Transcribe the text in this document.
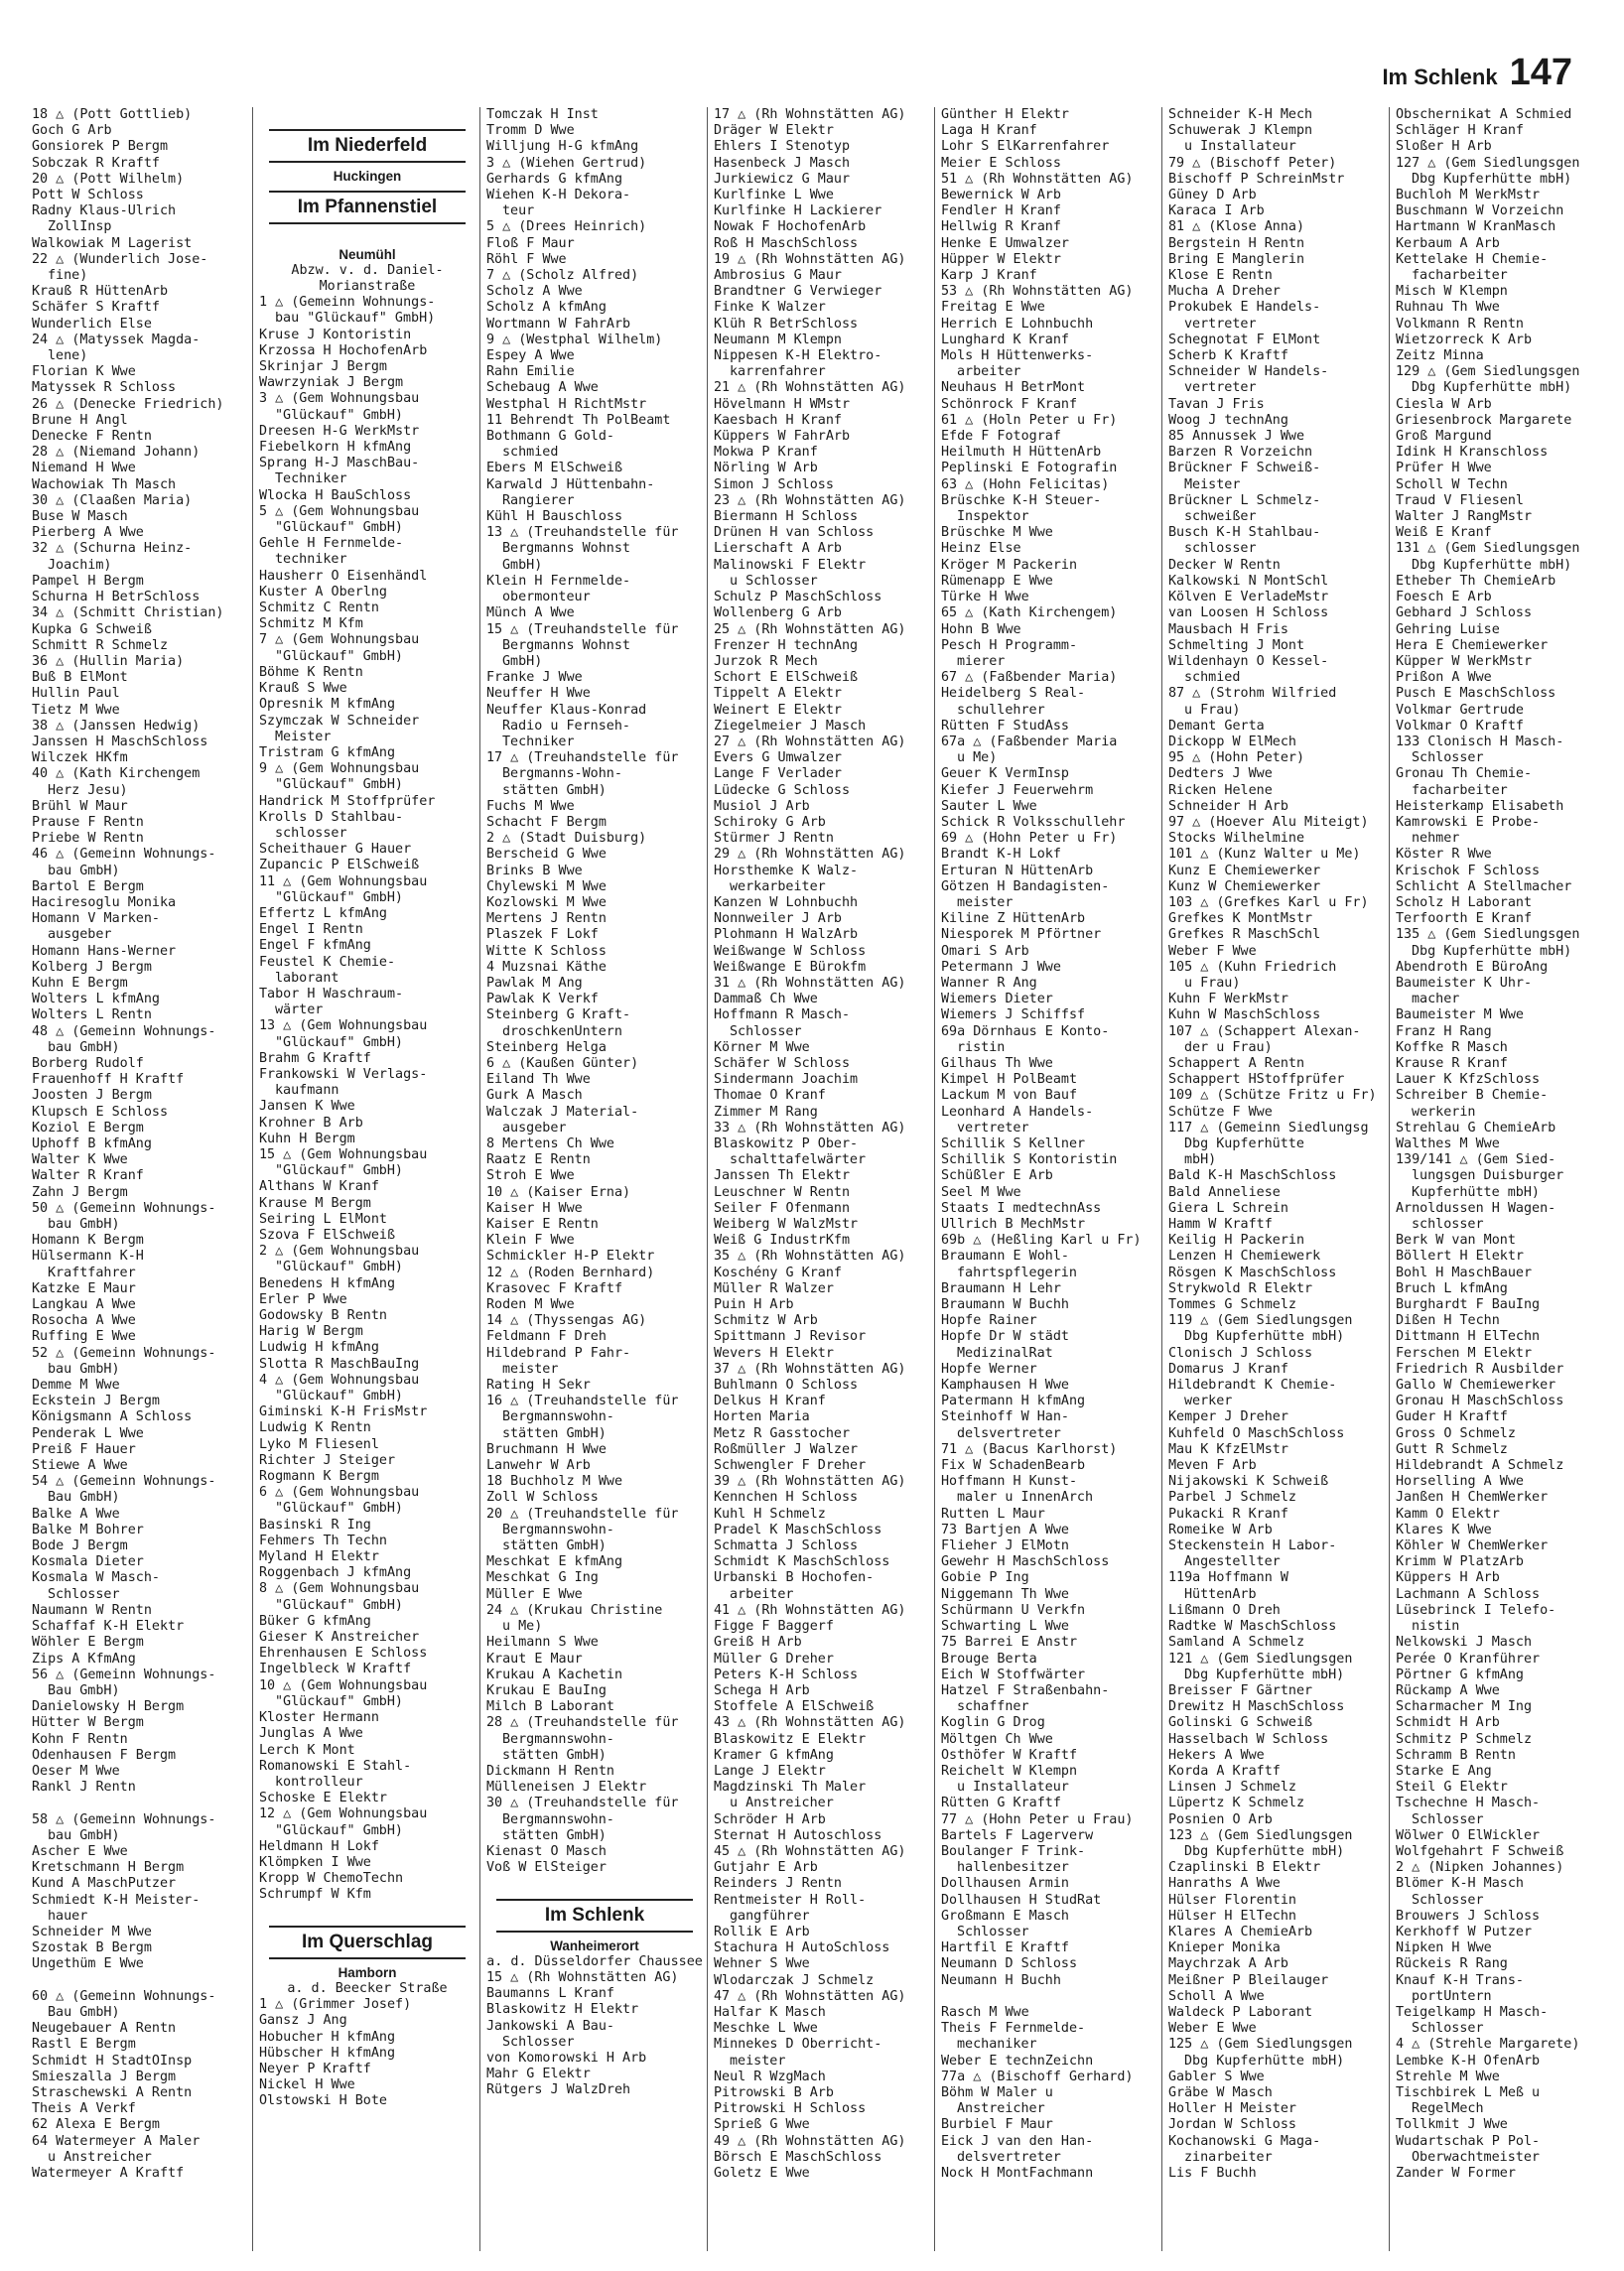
Im Schlenk 147
18 △ (Pott Gottlieb)
Goch G Arb
Gonsiorek P Bergm
Sobczak R Kraftf
20 △ (Pott Wilhelm)
Pott W Schloss
Radny Klaus-Ulrich
ZollInsp
Walkowiak M Lagerist
22 △ (Wunderlich Jose-
fine)
Krauß R HüttenArb
Schäfer S Kraftf
Wunderlich Else
24 △ (Matyssek Magda-
lene)
Florian K Wwe
Matyssek R Schloss
26 △ (Denecke Friedrich)
Brune H Angl
Denecke F Rentn
28 △ (Niemand Johann)
Niemand H Wwe
Wachowiak Th Masch
30 △ (Claaßen Maria)
Buse W Masch
Pierberg A Wwe
32 △ (Schurna Heinz-
Joachim)
Pampel H Bergm
Schurna H BetrSchloss
34 △ (Schmitt Christian)
Kupka G Schweiß
Schmitt R Schmelz
36 △ (Hullin Maria)
Buß B ElMont
Hullin Paul
Tietz M Wwe
38 △ (Janssen Hedwig)
Janssen H MaschSchloss
Wilczek HKfm
40 △ (Kath Kirchengem
Herz Jesu)
Brühl W Maur
Prause F Rentn
Priebe W Rentn
46 △ (Gemeinn Wohnungs-
bau GmbH)
Bartol E Bergm
Haciresoglu Monika
Homann V Marken-
ausgeber
Homann Hans-Werner
Kolberg J Bergm
Kuhn E Bergm
Wolters L kfmAng
Wolters L Rentn
48 △ (Gemeinn Wohnungs-
bau GmbH)
Borberg Rudolf
Frauenhoff H Kraftf
Joosten J Bergm
Klupsch E Schloss
Koziol E Bergm
Uphoff B kfmAng
Walter K Wwe
Walter R Kranf
Zahn J Bergm
50 △ (Gemeinn Wohnungs-
bau GmbH)
Homann K Bergm
Hülsermann K-H
Kraftfahrer
Katzke E Maur
Langkau A Wwe
Rosocha A Wwe
Ruffing E Wwe
52 △ (Gemeinn Wohnungs-
bau GmbH)
Demme M Wwe
Eckstein J Bergm
Königsmann A Schloss
Penderak L Wwe
Preiß F Hauer
Stiewe A Wwe
54 △ (Gemeinn Wohnungs-
Bau GmbH)
Balke A Wwe
Balke M Bohrer
Bode J Bergm
Kosmala Dieter
Kosmala W Masch-
Schlosser
Naumann W Rentn
Schaffaf K-H Elektr
Wöhler E Bergm
Zips A KfmAng
56 △ (Gemeinn Wohnungs-
Bau GmbH)
Danielowsky H Bergm
Hütter W Bergm
Kohn F Rentn
Odenhausen F Bergm
Oeser M Wwe
Rankl J Rentn

58 △ (Gemeinn Wohnungs-
bau GmbH)
Ascher E Wwe
Kretschmann H Bergm
Kund A MaschPutzer
Schmiedt K-H Meister-
hauer
Schneider M Wwe
Szostak B Bergm
Ungethüm E Wwe

60 △ (Gemeinn Wohnungs-
Bau GmbH)
Neugebauer A Rentn
Rastl E Bergm
Schmidt H StadtOInsp
Smieszalla J Bergm
Straschewski A Rentn
Theis A Verkf
62 Alexa E Bergm
64 Watermeyer A Maler
u Anstreicher
Watermeyer A Kraftf

Im Niederfeld
Huckingen
Im Pfannenstiel

Neumühl
Abzw. v. d. Daniel-
Morianstraße
1 △ (Gemeinn Wohnungs-
bau "Glückauf" GmbH)
Kruse J Kontoristin
Krzossa H HochofenArb
Skrinjar J Bergm
Wawrzyniak J Bergm
3 △ (Gem Wohnungsbau
"Glückauf" GmbH)
Dreesen H-G WerkMstr
Fiebelkorn H kfmAng
Sprang H-J MaschBau-
Techniker
Wlocka H BauSchloss
5 △ (Gem Wohnungsbau
"Glückauf" GmbH)
Gehle H Fernmelde-
techniker
Hausherr O Eisenhändl
Kuster A Oberlng
Schmitz C Rentn
Schmitz M Kfm
7 △ (Gem Wohnungsbau
"Glückauf" GmbH)
Böhme K Rentn
Krauß S Wwe
Opresnik M kfmAng
Szymczak W Schneider
Meister
Tristram G kfmAng
9 △ (Gem Wohnungsbau
"Glückauf" GmbH)
Handrick M Stoffprüfer
Krolls D Stahlbau-
schlosser
Scheithauer G Hauer
Zupancic P ElSchweiß
11 △ (Gem Wohnungsbau
"Glückauf" GmbH)
Effertz L kfmAng
Engel I Rentn
Engel F kfmAng
Feustel K Chemie-
laborant
Tabor H Waschraum-
wärter
13 △ (Gem Wohnungsbau
"Glückauf" GmbH)
Brahm G Kraftf
Frankowski W Verlags-
kaufmann
Jansen K Wwe
Krohner B Arb
Kuhn H Bergm
15 △ (Gem Wohnungsbau
"Glückauf" GmbH)
Althans W Kranf
Krause M Bergm
Seiring L ElMont
Szova F ElSchweiß
2 △ (Gem Wohnungsbau
"Glückauf" GmbH)
Benedens H kfmAng
Erler P Wwe
Godowsky B Rentn
Harig W Bergm
Ludwig H kfmAng
Slotta R MaschBauIng
4 △ (Gem Wohnungsbau
"Glückauf" GmbH)
Giminski K-H FrisMstr
Ludwig K Rentn
Lyko M Fliesenl
Richter J Steiger
Rogmann K Bergm
6 △ (Gem Wohnungsbau
"Glückauf" GmbH)
Basinski R Ing
Fehmers Th Techn
Myland H Elektr
Roggenbach J kfmAng
8 △ (Gem Wohnungsbau
"Glückauf" GmbH)
Büker G kfmAng
Gieser K Anstreicher
Ehrenhausen E Schloss
Ingelbleck W Kraftf
10 △ (Gem Wohnungsbau
"Glückauf" GmbH)
Kloster Hermann
Junglas A Wwe
Lerch K Mont
Romanowski E Stahl-
kontrolleur
Schoske E Elektr
12 △ (Gem Wohnungsbau
"Glückauf" GmbH)
Heldmann H Lokf
Klömpken I Wwe
Kropp W ChemoTechn
Schrumpf W Kfm

Im Querschlag
Hamborn
a. d. Beecker Straße
1 △ (Grimmer Josef)
Gansz J Ang
Hobucher H kfmAng
Hübscher H kfmAng
Neyer P Kraftf
Nickel H Wwe
Olstowski H Bote
Tomczak H Inst
Tromm D Wwe
Willjung H-G kfmAng
3 △ (Wiehen Gertrud)
Gerhards G kfmAng
Wiehen K-H Dekora-
teur
5 △ (Drees Heinrich)
Floß F Maur
Röhl F Wwe
7 △ (Scholz Alfred)
Scholz A Wwe
Scholz A kfmAng
Wortmann W FahrArb
9 △ (Westphal Wilhelm)
Espey A Wwe
Rahn Emilie
Schebaug A Wwe
Westphal H RichtMstr
11 Behrendt Th PolBeamt
Bothmann G Gold-
schmied
Ebers M ElSchweiß
Karwald J Hüttenbahn-
Rangierer
Kühl H Bauschloss
13 △ (Treuhandstelle für
Bergmanns Wohnst
GmbH)
Klein H Fernmelde-
obermonteur
Münch A Wwe
15 △ (Treuhandstelle für
Bergmanns Wohnst
GmbH)
Franke J Wwe
Neuffer H Wwe
Neuffer Klaus-Konrad
Radio u Fernseh-
Techniker
17 △ (Treuhandstelle für
Bergmanns-Wohn-
stätten GmbH)
Fuchs M Wwe
Schacht F Bergm
2 △ (Stadt Duisburg)
Berscheid G Wwe
Brinks B Wwe
Chylewski M Wwe
Kozlowski M Wwe
Mertens J Rentn
Plaszek F Lokf
Witte K Schloss
4 Muzsnai Käthe
Pawlak M Ang
Pawlak K Verkf
Steinberg G Kraft-
droschkenUntern
Steinberg Helga
6 △ (Kaußen Günter)
Eiland Th Wwe
Gurk A Masch
Walczak J Material-
ausgeber
8 Mertens Ch Wwe
Raatz E Rentn
Stroh E Wwe
10 △ (Kaiser Erna)
Kaiser H Wwe
Kaiser E Rentn
Klein F Wwe
Schmickler H-P Elektr
12 △ (Roden Bernhard)
Krasovec F Kraftf
Roden M Wwe
14 △ (Thyssengas AG)
Feldmann F Dreh
Hildebrand P Fahr-
meister
Rating H Sekr
16 △ (Treuhandstelle für
Bergmannswohn-
stätten GmbH)
Bruchmann H Wwe
Lanwehr W Arb
18 Buchholz M Wwe
Zoll W Schloss
20 △ (Treuhandstelle für
Bergmannswohn-
stätten GmbH)
Meschkat E kfmAng
Meschkat G Ing
Müller E Wwe
24 △ (Krukau Christine
u Me)
Heilmann S Wwe
Kraut E Maur
Krukau A Kachetin
Krukau E BauIng
Milch B Laborant
28 △ (Treuhandstelle für
Bergmannswohn-
stätten GmbH)
Dickmann H Rentn
Mülleneisen J Elektr
30 △ (Treuhandstelle für
Bergmannswohn-
stätten GmbH)
Kienast O Masch
Voß W ElSteiger

Im Schlenk
Wanheimerort
a. d. Düsseldorfer Chaussee
15 △ (Rh Wohnstätten AG)
Baumanns L Kranf
Blaskowitz H Elektr
Jankowski A Bau-
Schlosser
von Komorowski H Arb
Mahr G Elektr
Rütgers J WalzDreh
17 △ (Rh Wohnstätten AG)
Dräger W Elektr
Ehlers I Stenotyp
Hasenbeck J Masch
Jurkiewicz G Maur
Kurlfinke L Wwe
Kurlfinke H Lackierer
Nowak F HochofenArb
Roß H MaschSchloss
19 △ (Rh Wohnstätten AG)
Ambrosius G Maur
Brandtner G Verwieger
Finke K Walzer
Klüh R BetrSchloss
Neumann M Klempn
Nippesen K-H Elektro-
karrenfahrer
21 △ (Rh Wohnstätten AG)
Hövelmann H WMstr
Kaesbach H Kranf
Küppers W FahrArb
Mokwa P Kranf
Nörling W Arb
Simon J Schloss
23 △ (Rh Wohnstätten AG)
Biermann H Schloss
Drünen H van Schloss
Lierschaft A Arb
Malinowski F Elektr
u Schlosser
Schulz P MaschSchloss
Wollenberg G Arb
25 △ (Rh Wohnstätten AG)
Frenzer H technAng
Jurzok R Mech
Schort E ElSchweiß
Tippelt A Elektr
Weinert E Elektr
Ziegelmeier J Masch
27 △ (Rh Wohnstätten AG)
Evers G Umwalzer
Lange F Verlader
Lüdecke G Schloss
Musiol J Arb
Schiroky G Arb
Stürmer J Rentn
29 △ (Rh Wohnstätten AG)
Horsthemke K Walz-
werkarbeiter
Kanzen W Lohnbuchh
Nonnweiler J Arb
Plohmann H WalzArb
Weißwange W Schloss
Weißwange E Bürokfm
31 △ (Rh Wohnstätten AG)
Dammaß Ch Wwe
Hoffmann R Masch-
Schlosser
Körner M Wwe
Schäfer W Schloss
Sindermann Joachim
Thomae O Kranf
Zimmer M Rang
33 △ (Rh Wohnstätten AG)
Blaskowitz P Ober-
schalttafelwärter
Janssen Th Elektr
Leuschner W Rentn
Seiler F Ofenmann
Weiberg W WalzMstr
Weiß G IndustrKfm
35 △ (Rh Wohnstätten AG)
Koschény G Kranf
Müller R Walzer
Puin H Arb
Schmitz W Arb
Spittmann J Revisor
Wevers H Elektr
37 △ (Rh Wohnstätten AG)
Buhlmann O Schloss
Delkus H Kranf
Horten Maria
Metz R Gasstocher
Roßmüller J Walzer
Schwengler F Dreher
39 △ (Rh Wohnstätten AG)
Kennchen H Schloss
Kuhl H Schmelz
Pradel K MaschSchloss
Schmatta J Schloss
Schmidt K MaschSchloss
Urbanski B Hochofen-
arbeiter
41 △ (Rh Wohnstätten AG)
Figge F Baggerf
Greiß H Arb
Müller G Dreher
Peters K-H Schloss
Schega H Arb
Stoffele A ElSchweiß
43 △ (Rh Wohnstätten AG)
Blaskowitz E Elektr
Kramer G kfmAng
Lange J Elektr
Magdzinski Th Maler
u Anstreicher
Schröder H Arb
Sternat H Autoschloss
45 △ (Rh Wohnstätten AG)
Gutjahr E Arb
Reinders J Rentn
Rentmeister H Roll-
gangführer
Rollik E Arb
Stachura H AutoSchloss
Wehner S Wwe
Wlodarczak J Schmelz
47 △ (Rh Wohnstätten AG)
Halfar K Masch
Meschke L Wwe
Minnekes D Oberricht-
meister
Neul R WzgMach
Pitrowski B Arb
Pitrowski H Schloss
Sprieß G Wwe
49 △ (Rh Wohnstätten AG)
Börsch E MaschSchloss
Goletz E Wwe
Günther H Elektr
Laga H Kranf
Lohr S ElKarrenfahrer
Meier E Schloss
51 △ (Rh Wohnstätten AG)
Bewernick W Arb
Fendler H Kranf
Hellwig R Kranf
Henke E Umwalzer
Hüpper W Elektr
Karp J Kranf
53 △ (Rh Wohnstätten AG)
Freitag E Wwe
Herrich E Lohnbuchh
Lunghard K Kranf
Mols H Hüttenwerks-
arbeiter
Neuhaus H BetrMont
Schönrock F Kranf
61 △ (Holn Peter u Fr)
Efde F Fotograf
Heilmuth H HüttenArb
Peplinski E Fotografin
63 △ (Hohn Felicitas)
Brüschke K-H Steuer-
Inspektor
Brüschke M Wwe
Heinz Else
Kröger M Packerin
Rümenapp E Wwe
Türke H Wwe
65 △ (Kath Kirchengem)
Hohn B Wwe
Pesch H Programm-
mierer
67 △ (Faßbender Maria)
Heidelberg S Real-
schullehrer
Rütten F StudAss
67a △ (Faßbender Maria
u Me)
Geuer K VermInsp
Kiefer J Feuerwehrm
Sauter L Wwe
Schick R Volksschullehr
69 △ (Hohn Peter u Fr)
Brandt K-H Lokf
Erturan N HüttenArb
Götzen H Bandagisten-
meister
Kiline Z HüttenArb
Niesporek M Pförtner
Omari S Arb
Petermann J Wwe
Wanner R Ang
Wiemers Dieter
Wiemers J Schiffsf
69a Dörnhaus E Konto-
ristin
Gilhaus Th Wwe
Kimpel H PolBeamt
Lackum M von Bauf
Leonhard A Handels-
vertreter
Schillik S Kellner
Schillik S Kontoristin
Schüßler E Arb
Seel M Wwe
Staats I medtechnAss
Ullrich B MechMstr
69b △ (Heßling Karl u Fr)
Braumann E Wohl-
fahrtspflegerin
Braumann H Lehr
Braumann W Buchh
Hopfe Rainer
Hopfe Dr W städt
MedizinalRat
Hopfe Werner
Kamphausen H Wwe
Patermann H kfmAng
Steinhoff W Han-
delsvertreter
71 △ (Bacus Karlhorst)
Fix W SchadenBearb
Hoffmann H Kunst-
maler u InnenArch
Rutten L Maur
73 Bartjen A Wwe
Flieher J ElMotn
Gewehr H MaschSchloss
Gobie P Ing
Niggemann Th Wwe
Schürmann U Verkfn
Schwarting L Wwe
75 Barrei E Anstr
Brouge Berta
Eich W Stoffwärter
Hatzel F Straßenbahn-
schaffner
Koglin G Drog
Möltgen Ch Wwe
Osthöfer W Kraftf
Reichelt W Klempn
u Installateur
Rütten G Kraftf
77 △ (Hohn Peter u Frau)
Bartels F Lagerverw
Boulanger F Trink-
hallenbesitzer
Dollhausen Armin
Dollhausen H StudRat
Großmann E Masch
Schlosser
Hartfil E Kraftf
Neumann D Schloss
Neumann H Buchh

Rasch M Wwe
Theis F Fernmelde-
mechaniker
Weber E technZeichn
77a △ (Bischoff Gerhard)
Böhm W Maler u
Anstreicher
Burbiel F Maur
Eick J van den Han-
delsvertreter
Nock H MontFachmann
Schneider K-H Mech
Schuwerak J Klempn
u Installateur
79 △ (Bischoff Peter)
Bischoff P SchreinMstr
Güney D Arb
Karaca I Arb
81 △ (Klose Anna)
Bergstein H Rentn
Bring E Manglerin
Klose E Rentn
Mucha A Dreher
Prokubek E Handels-
vertreter
Schegnotat F ElMont
Scherb K Kraftf
Schneider W Handels-
vertreter
Tavan J Fris
Woog J technAng
85 Annussek J Wwe
Barzen R Vorzeichn
Brückner F Schweiß-
Meister
Brückner L Schmelz-
schweißer
Busch K-H Stahlbau-
schlosser
Decker W Rentn
Kalkowski N MontSchl
Kölven E VerladeMstr
van Loosen H Schloss
Mausbach H Fris
Schmelting J Mont
Wildenhayn O Kessel-
schmied
87 △ (Strohm Wilfried
u Frau)
Demant Gerta
Dickopp W ElMech
95 △ (Hohn Peter)
Dedters J Wwe
Ricken Helene
Schneider H Arb
97 △ (Hoever Alu Miteigt)
Stocks Wilhelmine
101 △ (Kunz Walter u Me)
Kunz E Chemiewerker
Kunz W Chemiewerker
103 △ (Grefkes Karl u Fr)
Grefkes K MontMstr
Grefkes R MaschSchl
Weber F Wwe
105 △ (Kuhn Friedrich
u Frau)
Kuhn F WerkMstr
Kuhn W MaschSchloss
107 △ (Schappert Alexan-
der u Frau)
Schappert A Rentn
Schappert HStoffprüfer
109 △ (Schütze Fritz u Fr)
Schütze F Wwe
117 △ (Gemeinn Siedlungsg
Dbg Kupferhütte
mbH)
Bald K-H MaschSchloss
Bald Anneliese
Giera L Schrein
Hamm W Kraftf
Keilig H Packerin
Lenzen H Chemiewerk
Rösgen K MaschSchloss
Strykwold R Elektr
Tommes G Schmelz
119 △ (Gem Siedlungsgen
Dbg Kupferhütte mbH)
Clonisch J Schloss
Domarus J Kranf
Hildebrandt K Chemie-
werker
Kemper J Dreher
Kuhfeld O MaschSchloss
Mau K KfzElMstr
Meven F Arb
Nijakowski K Schweiß
Parbel J Schmelz
Pukacki R Kranf
Romeike W Arb
Steckenstein H Labor-
Angestellter
119a Hoffmann W
HüttenArb
Lißmann O Dreh
Radtke W MaschSchloss
Samland A Schmelz
121 △ (Gem Siedlungsgen
Dbg Kupferhütte mbH)
Breisser F Gärtner
Drewitz H MaschSchloss
Golinski G Schweiß
Hasselbach W Schloss
Hekers A Wwe
Korda A Kraftf
Linsen J Schmelz
Lüpertz K Schmelz
Posnien O Arb
123 △ (Gem Siedlungsgen
Dbg Kupferhütte mbH)
Czaplinski B Elektr
Hanraths A Wwe
Hülser Florentin
Hülser H ElTechn
Klares A ChemieArb
Knieper Monika
Maychrzak A Arb
Meißner P Bleilauger
Scholl A Wwe
Waldeck P Laborant
Weber E Wwe
125 △ (Gem Siedlungsgen
Dbg Kupferhütte mbH)
Gabler S Wwe
Gräbe W Masch
Holler H Meister
Jordan W Schloss
Kochanowski G Maga-
zinarbeiter
Lis F Buchh
Obschernikat A Schmied
Schläger H Kranf
Sloßer H Arb
127 △ (Gem Siedlungsgen
Dbg Kupferhütte mbH)
Buchloh M WerkMstr
Buschmann W Vorzeichn
Hartmann W KranMasch
Kerbaum A Arb
Kettelake H Chemie-
facharbeiter
Misch W Klempn
Ruhnau Th Wwe
Volkmann R Rentn
Wietzorreck K Arb
Zeitz Minna
129 △ (Gem Siedlungsgen
Dbg Kupferhütte mbH)
Ciesla W Arb
Griesenbrock Margarete
Groß Margund
Idink H Kranschloss
Prüfer H Wwe
Scholl W Techn
Traud V Fliesenl
Walter J RangMstr
Weiß E Kranf
131 △ (Gem Siedlungsgen
Dbg Kupferhütte mbH)
Etheber Th ChemieArb
Foesch E Arb
Gebhard J Schloss
Gehring Luise
Hera E Chemiewerker
Küpper W WerkMstr
Prißon A Wwe
Pusch E MaschSchloss
Volkmar Gertrude
Volkmar O Kraftf
133 Clonisch H Masch-
Schlosser
Gronau Th Chemie-
facharbeiter
Heisterkamp Elisabeth
Kamrowski E Probe-
nehmer
Köster R Wwe
Krischok F Schloss
Schlicht A Stellmacher
Scholz H Laborant
Terfoorth E Kranf
135 △ (Gem Siedlungsgen
Dbg Kupferhütte mbH)
Abendroth E BüroAng
Baumeister K Uhr-
macher
Baumeister M Wwe
Franz H Rang
Koffke R Masch
Krause R Kranf
Lauer K KfzSchloss
Schreiber B Chemie-
werkerin
Strehlau G ChemieArb
Walthes M Wwe
139/141 △ (Gem Sied-
lungsgen Duisburger
Kupferhütte mbH)
Arnoldussen H Wagen-
schlosser
Berk W van Mont
Böllert H Elektr
Bohl H MaschBauer
Bruch L kfmAng
Burghardt F BauIng
Dißen H Techn
Dittmann H ElTechn
Ferschen M Elektr
Friedrich R Ausbilder
Gallo W Chemiewerker
Gronau H MaschSchloss
Guder H Kraftf
Gross O Schmelz
Gutt R Schmelz
Hildebrandt A Schmelz
Horselling A Wwe
Janßen H ChemWerker
Kamm O Elektr
Klares K Wwe
Köhler W ChemWerker
Krimm W PlatzArb
Küppers H Arb
Lachmann A Schloss
Lüsebrinck I Telefo-
nistin
Nelkowski J Masch
Perée O Kranführer
Pörtner G kfmAng
Rückamp A Wwe
Scharmacher M Ing
Schmidt H Arb
Schmitz P Schmelz
Schramm B Rentn
Starke E Ang
Steil G Elektr
Tschechne H Masch-
Schlosser
Wölwer O ElWickler
Wolfgehahrt F Schweiß
2 △ (Nipken Johannes)
Blömer K-H Masch
Schlosser
Brouwers J Schloss
Kerkhoff W Putzer
Nipken H Wwe
Rückeis R Rang
Knauf K-H Trans-
portUntern
Teigelkamp H Masch-
Schlosser
4 △ (Strehle Margarete)
Lembke K-H OfenArb
Strehle M Wwe
Tischbirek L Meß u
RegelMech
Tollkmit J Wwe
Wudartschak P Pol-
Oberwachtmeister
Zander W Former
